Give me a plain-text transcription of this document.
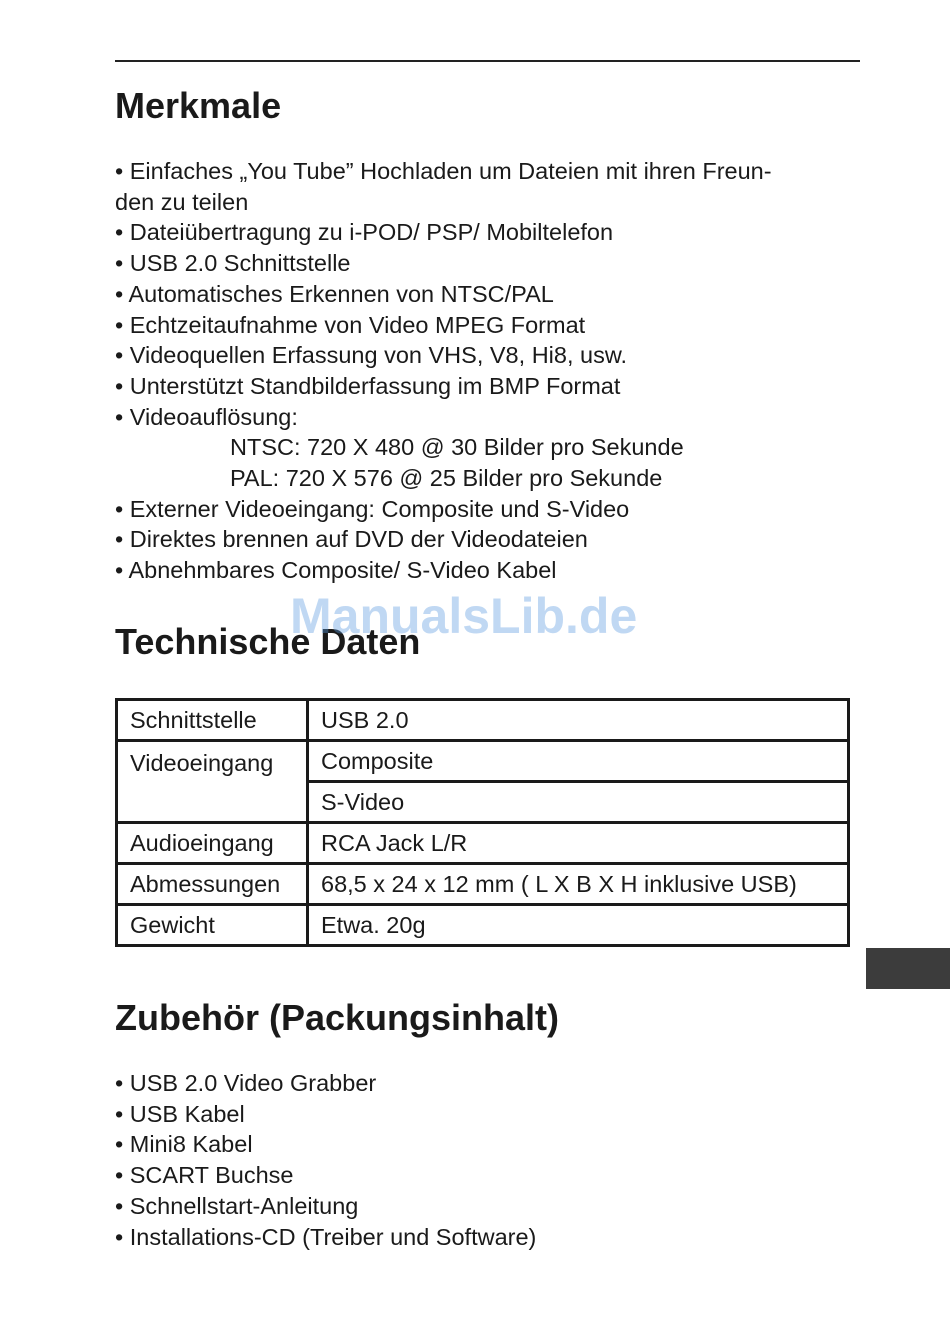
Merkmale
• Einfaches „You Tube” Hochladen um Dateien mit ihren Freun-
den zu teilen
• Dateiübertragung zu i-POD/ PSP/ Mobiltelefon
• USB 2.0 Schnittstelle
• Automatisches Erkennen von NTSC/PAL
• Echtzeitaufnahme von Video MPEG Format
• Videoquellen Erfassung von VHS, V8, Hi8, usw.
• Unterstützt Standbilderfassung im BMP Format
• Videoauflösung:
NTSC: 720 X 480 @ 30 Bilder pro Sekunde
PAL: 720 X 576 @ 25 Bilder pro Sekunde
• Externer Videoeingang: Composite und S-Video
• Direktes brennen auf DVD der Videodateien
• Abnehmbares Composite/ S-Video Kabel
Technische Daten
ManualsLib.de
Schnittstelle	USB 2.0
Videoeingang	Composite
	S-Video
Audioeingang	RCA Jack L/R
Abmessungen	68,5 x 24 x 12 mm ( L X B X H inklusive USB)
Gewicht	Etwa. 20g
Zubehör (Packungsinhalt)
• USB 2.0 Video Grabber
• USB Kabel
• Mini8 Kabel
• SCART Buchse
• Schnellstart-Anleitung
• Installations-CD (Treiber und Software)
